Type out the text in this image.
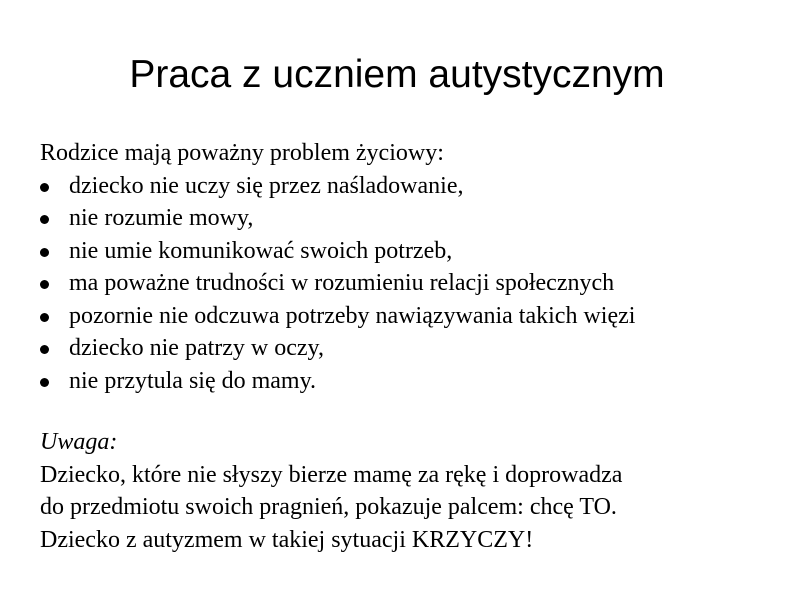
Praca z uczniem autystycznym

Rodzice mają poważny problem życiowy:

dziecko nie uczy się przez naśladowanie,
nie rozumie mowy,
nie umie komunikować swoich potrzeb,
ma poważne trudności w rozumieniu relacji społecznych
pozornie nie odczuwa potrzeby nawiązywania takich więzi
dziecko nie patrzy w oczy,
nie przytula się do mamy.
Uwaga:
Dziecko, które nie słyszy bierze mamę za rękę i doprowadza
do przedmiotu swoich pragnień, pokazuje palcem: chcę TO.
Dziecko z autyzmem w takiej sytuacji KRZYCZY!
